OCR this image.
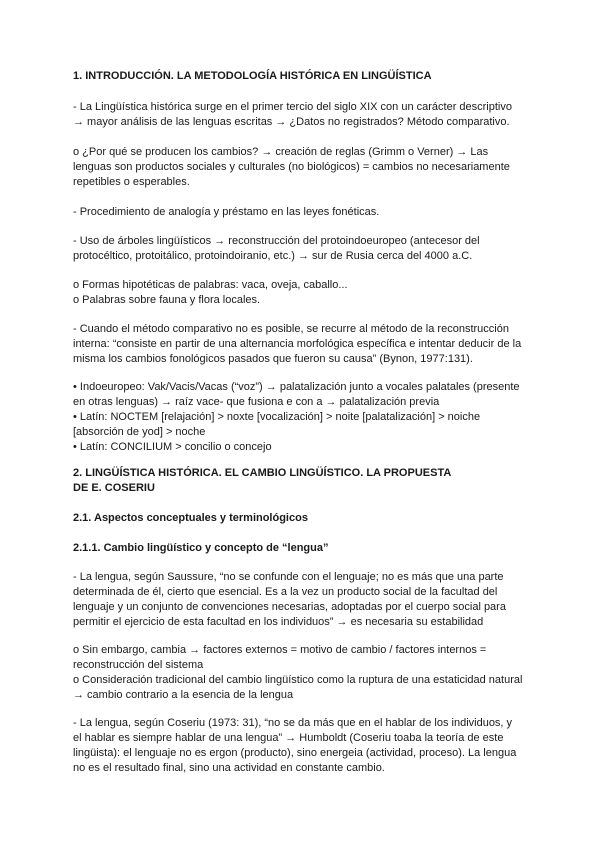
1. INTRODUCCIÓN. LA METODOLOGÍA HISTÓRICA EN LINGÜÍSTICA

- La Lingüística histórica surge en el primer tercio del siglo XIX con un carácter descriptivo
→ mayor análisis de las lenguas escritas → ¿Datos no registrados? Método comparativo.

o ¿Por qué se producen los cambios? → creación de reglas (Grimm o Verner) → Las
lenguas son productos sociales y culturales (no biológicos) = cambios no necesariamente
repetibles o esperables.

- Procedimiento de analogía y préstamo en las leyes fonéticas.

- Uso de árboles lingüísticos → reconstrucción del protoindoeuropeo (antecesor del
protocéltico, protoitálico, protoindoiranio, etc.) → sur de Rusia cerca del 4000 a.C.

o Formas hipotéticas de palabras: vaca, oveja, caballo...
o Palabras sobre fauna y flora locales.

- Cuando el método comparativo no es posible, se recurre al método de la reconstrucción
interna: “consiste en partir de una alternancia morfológica específica e intentar deducir de la
misma los cambios fonológicos pasados que fueron su causa” (Bynon, 1977:131).

• Indoeuropeo: Vak/Vacis/Vacas (“voz”) → palatalización junto a vocales palatales (presente
en otras lenguas) → raíz vace- que fusiona e con a → palatalización previa
• Latín: NOCTEM [relajación] > noxte [vocalización] > noite [palatalización] > noiche
[absorción de yod] > noche
• Latín: CONCILIUM > concilio o concejo

2. LINGÜÍSTICA HISTÓRICA. EL CAMBIO LINGÜÍSTICO. LA PROPUESTA
DE E. COSERIU

2.1. Aspectos conceptuales y terminológicos

2.1.1. Cambio lingüístico y concepto de “lengua”

- La lengua, según Saussure, “no se confunde con el lenguaje; no es más que una parte
determinada de él, cierto que esencial. Es a la vez un producto social de la facultad del
lenguaje y un conjunto de convenciones necesarias, adoptadas por el cuerpo social para
permitir el ejercicio de esta facultad en los individuos” → es necesaria su estabilidad

o Sin embargo, cambia → factores externos = motivo de cambio / factores internos =
reconstrucción del sistema
o Consideración tradicional del cambio lingüístico como la ruptura de una estaticidad natural
→ cambio contrario a la esencia de la lengua

- La lengua, según Coseriu (1973: 31), “no se da más que en el hablar de los individuos, y
el hablar es siempre hablar de una lengua” → Humboldt (Coseriu toaba la teoría de este
lingüista): el lenguaje no es ergon (producto), sino energeia (actividad, proceso). La lengua
no es el resultado final, sino una actividad en constante cambio.
